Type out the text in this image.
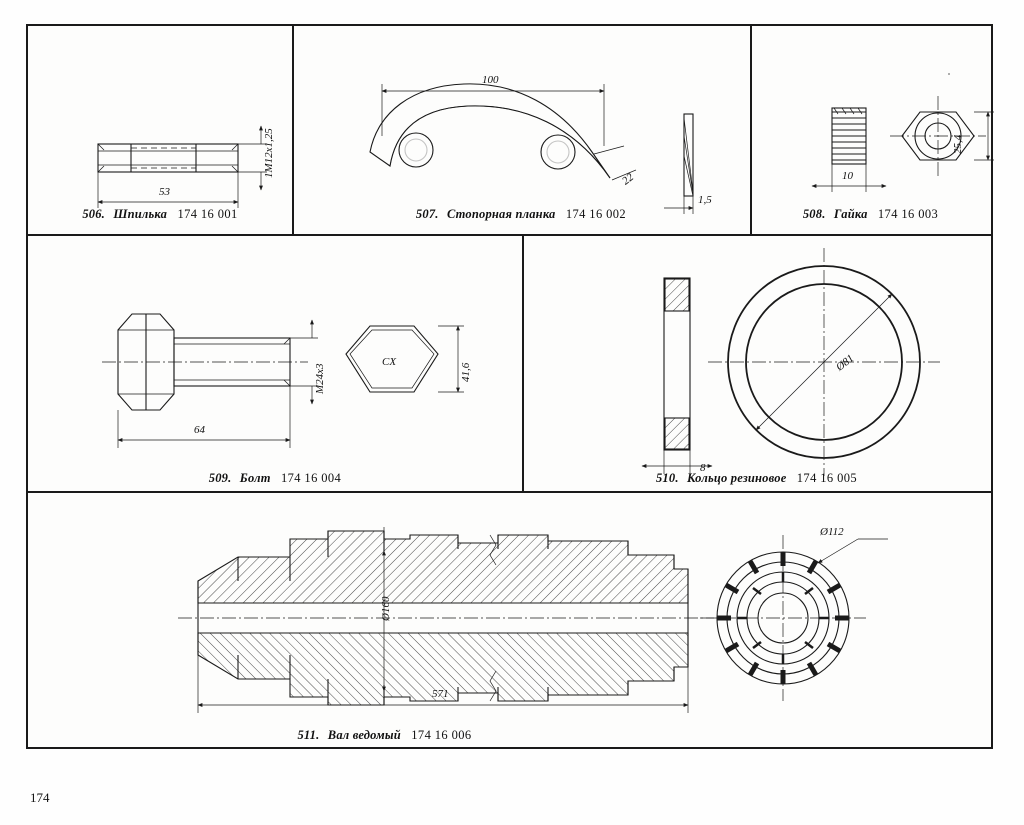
1M12x1,25
53
506. Шпилька 174 16 001
100
22
1,5
507. Стопорная планка 174 16 002
25,4
10
508. Гайка 174 16 003
M24x3
CX
41,6
64
509. Болт 174 16 004
8
Ø81
510. Кольцо резиновое 174 16 005
Ø112
Ø160
571
511. Вал ведомый 174 16 006
174
